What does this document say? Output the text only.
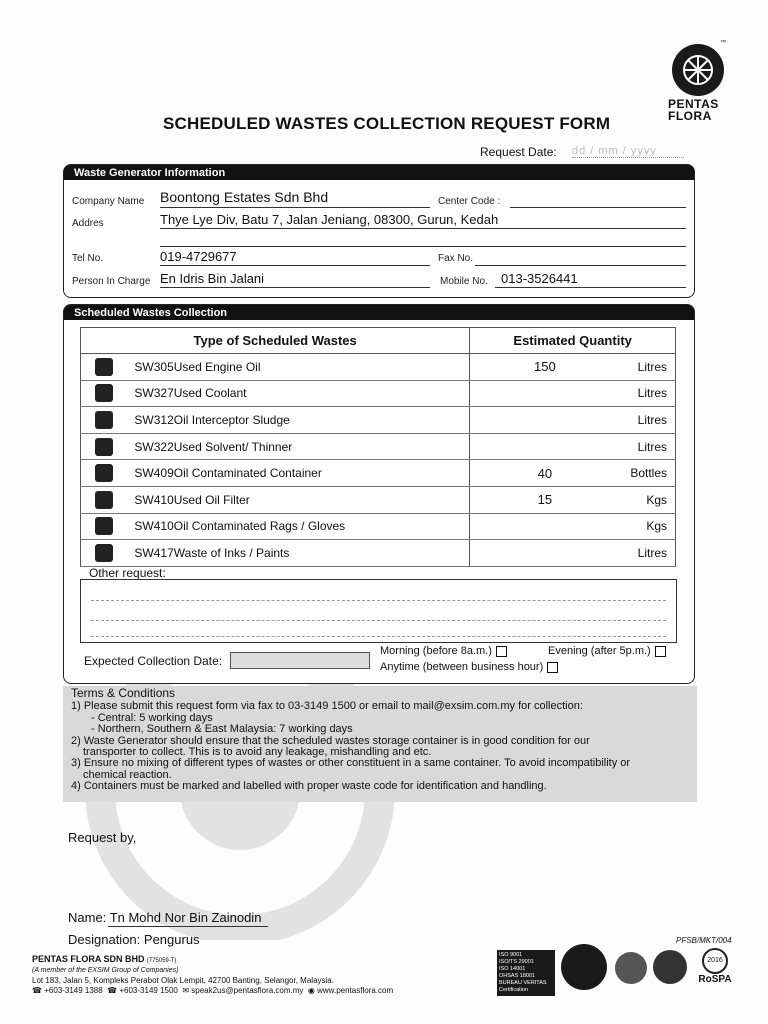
PENTAS
FLORA
™
SCHEDULED WASTES COLLECTION REQUEST FORM
Request Date: dd / mm / yyyy
Waste Generator Information
Company Name Boontong Estates Sdn Bhd	Center Code :
Addres	Thye Lye Div, Batu 7, Jalan Jeniang, 08300, Gurun, Kedah
Tel No.	019-4729677	Fax No.
Person In Charge En Idris Bin Jalani	Mobile No. 013-3526441
Scheduled Wastes Collection
Type of Scheduled Wastes		Estimated Quantity	
	SW305 Used Engine Oil	150	Litres
	SW327 Used Coolant		Litres
	SW312 Oil Interceptor Sludge		Litres
	SW322 Used Solvent/ Thinner		Litres
	SW409 Oil Contaminated Container	40	Bottles
	SW410 Used Oil Filter	15	Kgs
	SW410 Oil Contaminated Rags / Gloves		Kgs
	SW417 Waste of Inks / Paints		Litres
Other request:
Expected Collection Date:
Morning (before 8a.m.)	Evening (after 5p.m.)
Anytime (between business hour)
Terms & Conditions
1) Please submit this request form via fax to 03-3149 1500 or email to mail@exsim.com.my for collection:
- Central: 5 working days
- Northern, Southern & East Malaysia: 7 working days
2) Waste Generator should ensure that the scheduled wastes storage container is in good condition for our
transporter to collect. This is to avoid any leakage, mishandling and etc.
3) Ensure no mixing of different types of wastes or other constituent in a same container. To avoid incompatibility or
chemical reaction.
4) Containers must be marked and labelled with proper waste code for identification and handling.
Request by,
Name: Tn Mohd Nor Bin Zainodin
Designation: Pengurus	PFSB/MKT/004
PENTAS FLORA SDN BHD (775059-T)
(A member of the EXSIM Group of Companies)
Lot 183, Jalan 5, Kompleks Perabot Olak Lempit, 42700 Banting, Selangor, Malaysia.
☎ +603-3149 1388 ☎ +603-3149 1500 ✉ speak2us@pentasflora.com.my ◉ www.pentasflora.com
ISO 9001
ISO/TS 29001
ISO 14001
OHSAS 18001
BUREAU VERITAS
Certification
2016
RoSPA
